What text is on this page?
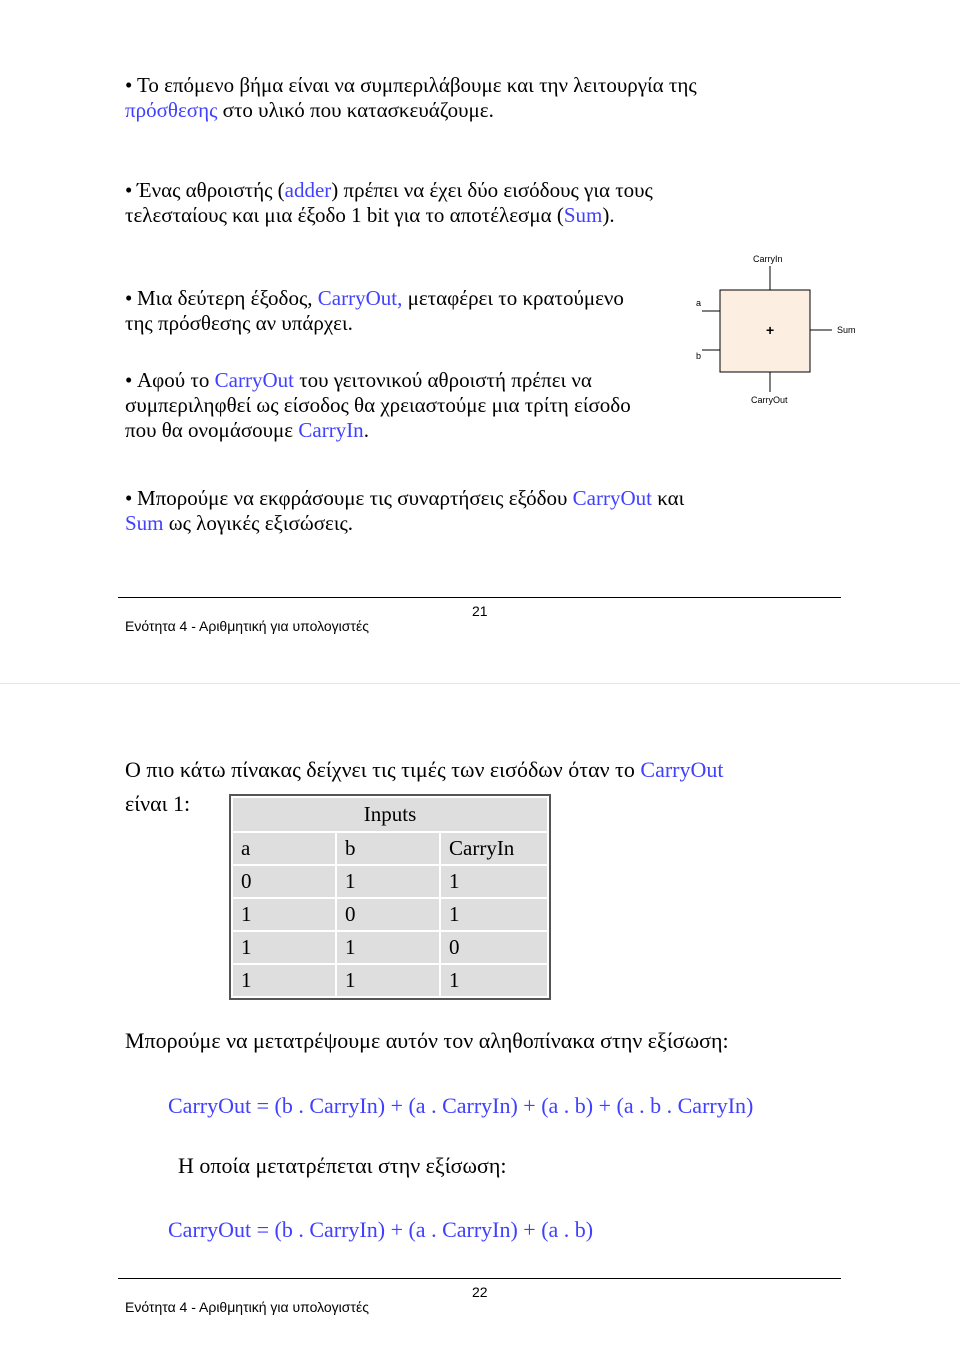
• Το επόμενο βήμα είναι να συμπεριλάβουμε και την λειτουργία της πρόσθεσης στο υλικό που κατασκευάζουμε.
• Ένας αθροιστής (adder) πρέπει να έχει δύο εισόδους για τους τελεσταίους και μια έξοδο 1 bit για το αποτέλεσμα (Sum).
• Μια δεύτερη έξοδος, CarryOut, μεταφέρει το κρατούμενο της πρόσθεσης αν υπάρχει.
• Αφού το CarryOut του γειτονικού αθροιστή πρέπει να συμπεριληφθεί ως είσοδος θα χρειαστούμε μια τρίτη είσοδο που θα ονομάσουμε CarryIn.
• Μπορούμε να εκφράσουμε τις συναρτήσεις εξόδου CarryOut και Sum ως λογικές εξισώσεις.
CarryIn
a
b
+	Sum
CarryOut
Ενότητα 4 - Αριθμητική για υπολογιστές
21
Ο πιο κάτω πίνακας δείχνει τις τιμές των εισόδων όταν το CarryOut
είναι 1:	Inputs		
a	b	CarryIn
0	1	1
1	0	1
1	1	0
1	1	1
Μπορούμε να μετατρέψουμε αυτόν τον αληθοπίνακα στην εξίσωση:
CarryOut = (b . CarryIn) + (a . CarryIn) + (a . b) + (a . b . CarryIn)
Η οποία μετατρέπεται στην εξίσωση:
CarryOut = (b . CarryIn) + (a . CarryIn) + (a . b)
Ενότητα 4 - Αριθμητική για υπολογιστές
22
